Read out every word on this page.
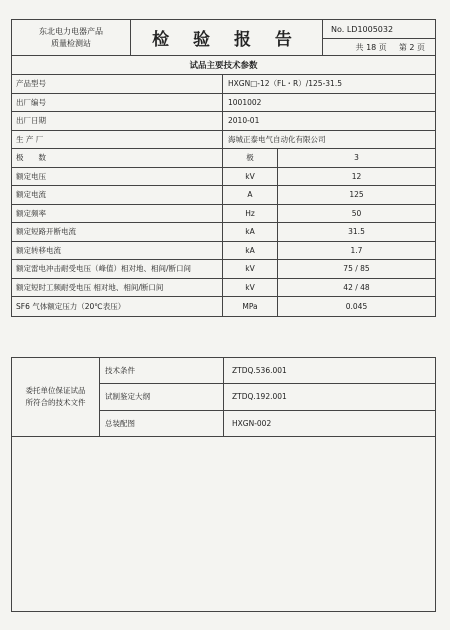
东北电力电器产品
质量检测站	检 验 报 告
No. LD1005032
共 18 页 第 2 页
试品主要技术参数
产品型号	HXGN□-12（FL・R）/125-31.5
出厂编号	1001002
出厂日期	2010-01
生 产 厂	海城正泰电气自动化有限公司
极　　数	极	3
额定电压	kV	12
额定电流	A	125
额定频率	Hz	50
额定短路开断电流	kA	31.5
额定转移电流	kA	1.7
额定雷电冲击耐受电压（峰值）相对地、相间/断口间	kV	75 / 85
额定短时工频耐受电压 相对地、相间/断口间	kV	42 / 48
SF6 气体额定压力（20℃表压）	MPa	0.045
委托单位保证试品
所符合的技术文件
技术条件	ZTDQ.536.001
试制鉴定大纲	ZTDQ.192.001
总装配图	HXGN-002
